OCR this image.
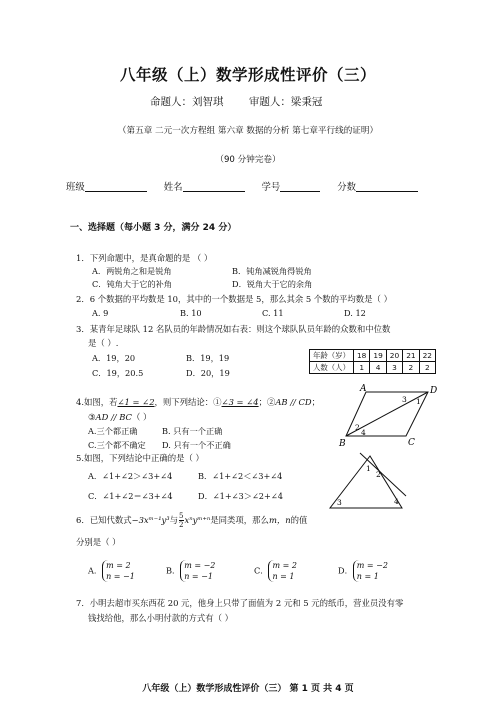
八年级（上）数学形成性评价（三）
命题人：刘智琪 审题人：梁秉冠
（第五章 二元一次方程组 第六章 数据的分析 第七章平行线的证明）
（90 分钟完卷）
班级	姓名	学号	分数
一、选择题（每小题 3 分，满分 24 分）
1．下列命题中，是真命题的是 （ ）
A．两锐角之和是锐角	B．钝角减锐角得锐角
C．钝角大于它的补角	D．锐角大于它的余角
2．6 个数据的平均数是 10，其中的一个数据是 5，那么其余 5 个数的平均数是（ ）
A. 9	B. 10	C. 11	D. 12
3．某青年足球队 12 名队员的年龄情况如右表：则这个球队队员年龄的众数和中位数
是（ ）.
A．19，20	B．19，19
C．19，20.5	D．20，19
年龄（岁）	18	19	20	21	22
人数（人）	1	4	3	2	2
4.如图，若∠1 = ∠2，则下列结论：①∠3 = ∠4；②AB // CD；
③AD // BC（ ）
A.三个都正确	B. 只有一个正确
C.三个都不确定 D. 只有一个不正确
A	D
B	C
1
2
3
4
5.如图，下列结论中正确的是（ ）
A．∠1+∠2＞∠3+∠4	B．∠1+∠2＜∠3+∠4
C．∠1+∠2＝∠3+∠4	D．∠1+∠3＞∠2+∠4
1
2
3	4
6．已知代数式−3xᵐ⁻¹y³与 $\frac{5}{2}$ xⁿyᵐ⁺ⁿ是同类项，那么m，n的值
分别是（ ）
A． m = 2
n = −1
B． m = −2
n = −1
C． m = 2
n = 1
D． m = −2
n = 1
7．小明去超市买东西花 20 元，他身上只带了面值为 2 元和 5 元的纸币，营业员没有零
钱找给他，那么小明付款的方式有（ ）
八年级（上）数学形成性评价（三） 第 1 页 共 4 页
